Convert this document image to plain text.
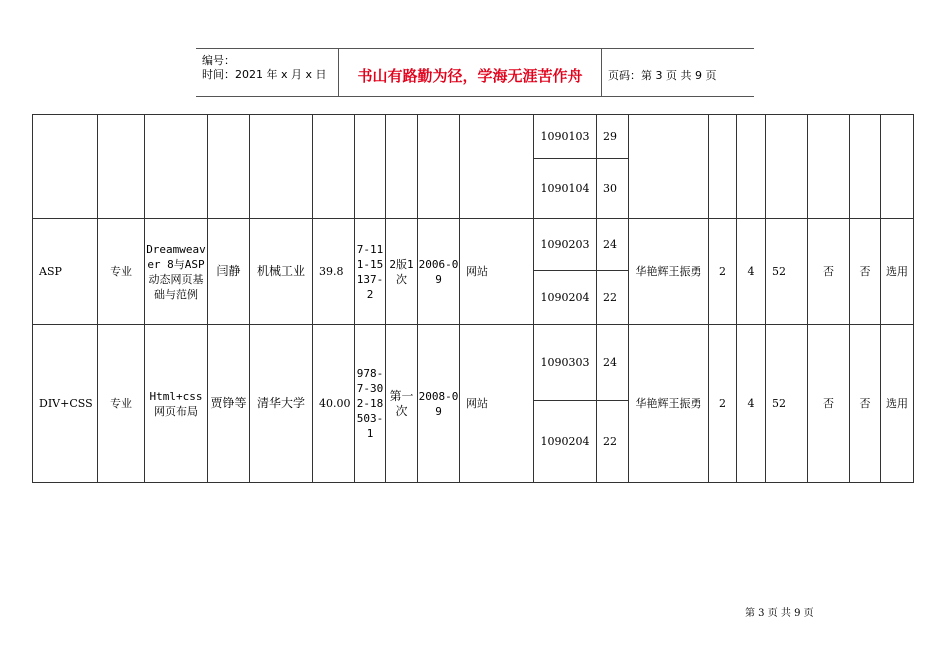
编号：
时间：2021 年 x 月 x 日	书山有路勤为径，学海无涯苦作舟	页码：第 3 页 共 9 页
										1090103	29							
										1090104	30							
ASP	专业	Dreamweaver 8与ASP动态网页基础与范例	闫静	机械工业	39.8	7-111-15137-2	2版1次	2006-09	网站	1090203	24	华艳辉王振勇	2	4	52	否	否	选用
										1090204	22							
DIV+CSS	专业	Html+css网页布局	贾铮等	清华大学	40.00	978-7-302-18503-1	第一次	2008-09	网站	1090303	24	华艳辉王振勇	2	4	52	否	否	选用
										1090204	22							
第 3 页 共 9 页
